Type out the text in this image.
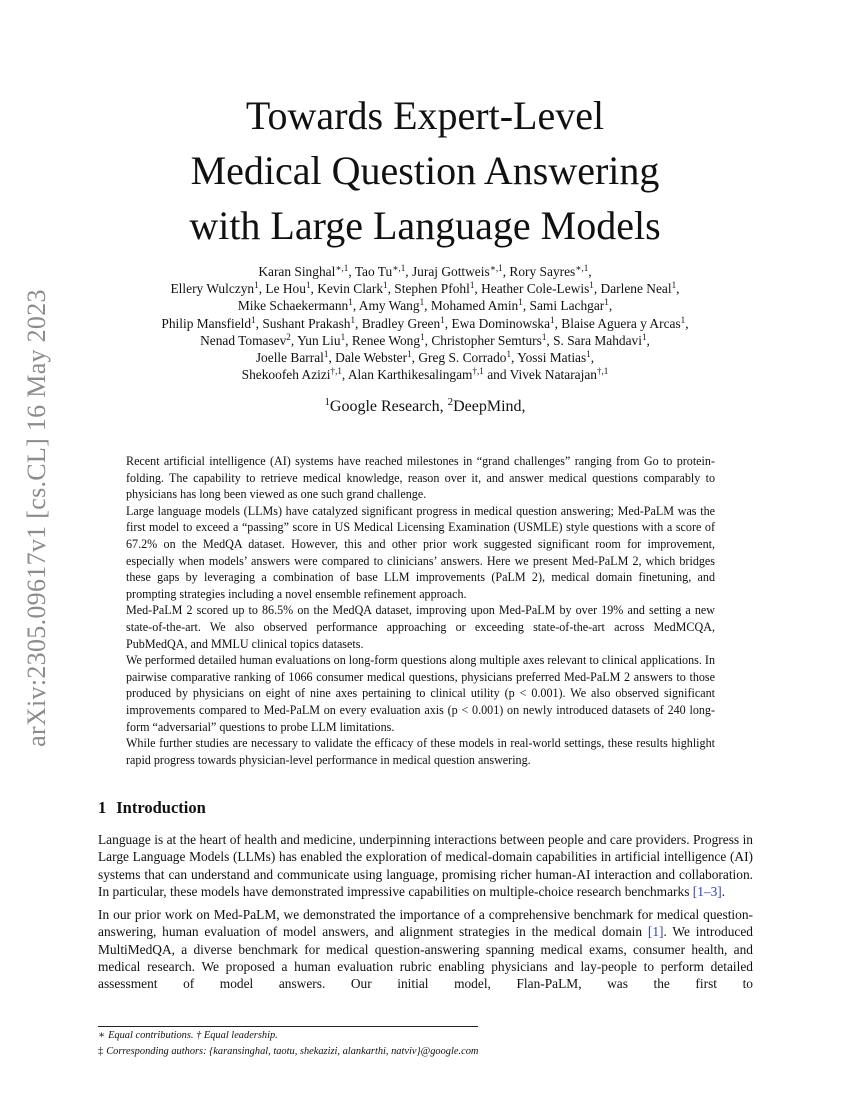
arXiv:2305.09617v1 [cs.CL] 16 May 2023
Towards Expert-Level
Medical Question Answering
with Large Language Models
Karan Singhal$^{∗,1}$, Tao $Tu^{∗,1}$, Juraj Gottweis$^{∗,1}$, Rory Sayres$^{∗,1}$,
Ellery Wulczyn$^1$, Le Hou$^1$, Kevin Clark$^1$, Stephen Pfohl$^1$, Heather Cole-Lewis$^1$, Darlene Neal$^1$,
Mike Schaekermann$^1$, Amy Wang$^1$, Mohamed Amin$^1$, Sami Lachgar$^1$,
Philip Mansfield$^1$, Sushant Prakash$^1$, Bradley Green$^1$, Ewa Dominowska$^1$, Blaise Aguera y Arcas$^1$,
Nenad Tomasev$^2$, Yun Liu$^1$, Renee Wong$^1$, Christopher Semturs$^1$, S. Sara Mahdavi$^1$,
Joelle Barral$^1$, Dale Webster$^1$, Greg S. Corrado$^1$, Yossi Matias$^1$,
Shekoofeh Azizi$^{\dagger,1}$, Alan Karthikesalingam$^{\dagger,1}$ and Vivek Natarajan$^{\dagger,1}$
$^1$Google Research, $^2$DeepMind,

Recent artificial intelligence (AI) systems have reached milestones in “grand challenges” ranging from Go to protein-folding. The capability to retrieve medical knowledge, reason over it, and answer medical questions comparably to physicians has long been viewed as one such grand challenge.

Large language models (LLMs) have catalyzed significant progress in medical question answering; Med-PaLM was the first model to exceed a “passing” score in US Medical Licensing Examination (USMLE) style questions with a score of 67.2% on the MedQA dataset. However, this and other prior work suggested significant room for improvement, especially when models’ answers were compared to clinicians’ answers. Here we present Med-PaLM 2, which bridges these gaps by leveraging a combination of base LLM improvements (PaLM 2), medical domain finetuning, and prompting strategies including a novel ensemble refinement approach.

Med-PaLM 2 scored up to 86.5% on the MedQA dataset, improving upon Med-PaLM by over 19% and setting a new state-of-the-art. We also observed performance approaching or exceeding state-of-the-art across MedMCQA, PubMedQA, and MMLU clinical topics datasets.

We performed detailed human evaluations on long-form questions along multiple axes relevant to clinical applications. In pairwise comparative ranking of 1066 consumer medical questions, physicians preferred Med-PaLM 2 answers to those produced by physicians on eight of nine axes pertaining to clinical utility (p < 0.001). We also observed significant improvements compared to Med-PaLM on every evaluation axis (p < 0.001) on newly introduced datasets of 240 long-form “adversarial” questions to probe LLM limitations.

While further studies are necessary to validate the efficacy of these models in real-world settings, these results highlight rapid progress towards physician-level performance in medical question answering.

1 Introduction

Language is at the heart of health and medicine, underpinning interactions between people and care providers. Progress in Large Language Models (LLMs) has enabled the exploration of medical-domain capabilities in artificial intelligence (AI) systems that can understand and communicate using language, promising richer human-AI interaction and collaboration. In particular, these models have demonstrated impressive capabilities on multiple-choice research benchmarks [1–3].

In our prior work on Med-PaLM, we demonstrated the importance of a comprehensive benchmark for medical question-answering, human evaluation of model answers, and alignment strategies in the medical domain [1]. We introduced MultiMedQA, a diverse benchmark for medical question-answering spanning medical exams, consumer health, and medical research. We proposed a human evaluation rubric enabling physicians and lay-people to perform detailed assessment of model answers. Our initial model, Flan-PaLM, was the first to

∗ Equal contributions. † Equal leadership.
‡ Corresponding authors: {karansinghal, taotu, shekazizi, alankarthi, natviv}@google.com
